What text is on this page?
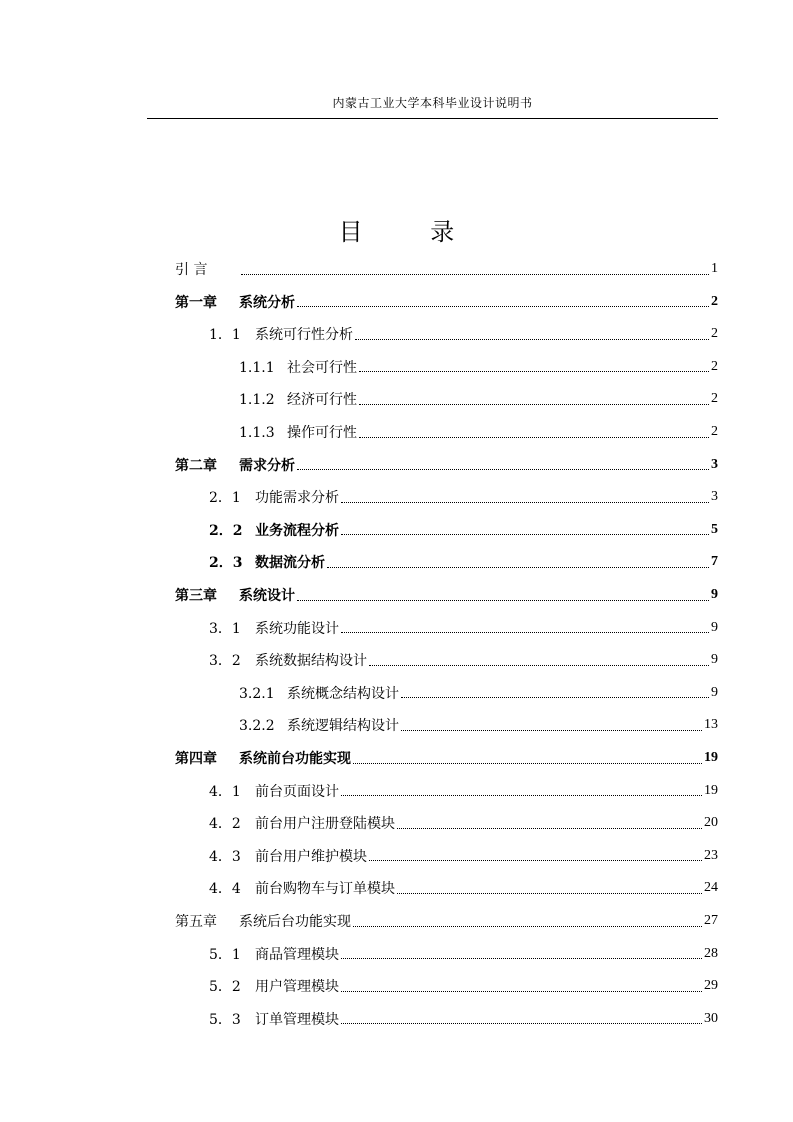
内蒙古工业大学本科毕业设计说明书
目 录
引 言	1
第一章 系统分析	2
1．1 系统可行性分析	2
1.1.1 社会可行性	2
1.1.2 经济可行性	2
1.1.3 操作可行性	2
第二章 需求分析	3
2．1 功能需求分析	3
2．2 业务流程分析	5
2．3 数据流分析	7
第三章 系统设计	9
3．1 系统功能设计	9
3．2 系统数据结构设计	9
3.2.1 系统概念结构设计	9
3.2.2 系统逻辑结构设计	13
第四章 系统前台功能实现	19
4．1 前台页面设计	19
4．2 前台用户注册登陆模块	20
4．3 前台用户维护模块	23
4．4 前台购物车与订单模块	24
第五章 系统后台功能实现	27
5．1 商品管理模块	28
5．2 用户管理模块	29
5．3 订单管理模块	30
